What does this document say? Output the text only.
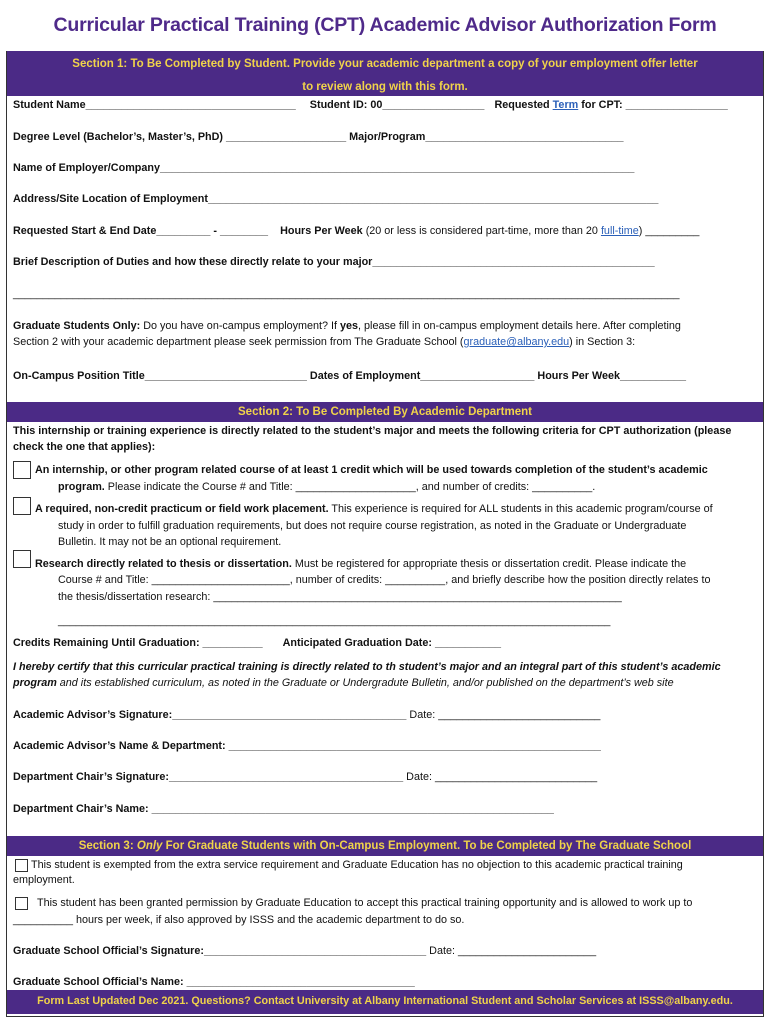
Curricular Practical Training (CPT) Academic Advisor Authorization Form
Section 1: To Be Completed by Student. Provide your academic department a copy of your employment offer letter
to review along with this form.
Student Name___________________________________ Student ID: 00_________________ Requested Term for CPT: _________________
Degree Level (Bachelor’s, Master’s, PhD) ____________________ Major/Program_________________________________
Name of Employer/Company_______________________________________________________________________________
Address/Site Location of Employment___________________________________________________________________________
Requested Start & End Date_________ - ________ Hours Per Week (20 or less is considered part-time, more than 20 full-time) _________
Brief Description of Duties and how these directly relate to your major_______________________________________________
_______________________________________________________________________________________________________________
Graduate Students Only: Do you have on-campus employment? If yes, please fill in on-campus employment details here. After completing
Section 2 with your academic department please seek permission from The Graduate School (graduate@albany.edu) in Section 3:
On-Campus Position Title___________________________ Dates of Employment___________________ Hours Per Week___________
Section 2: To Be Completed By Academic Department
This internship or training experience is directly related to the student’s major and meets the following criteria for CPT authorization (please
check the one that applies):
An internship, or other program related course of at least 1 credit which will be used towards completion of the student’s academic
program. Please indicate the Course # and Title: ____________________, and number of credits: __________.
A required, non-credit practicum or field work placement. This experience is required for ALL students in this academic program/course of
study in order to fulfill graduation requirements, but does not require course registration, as noted in the Graduate or Undergraduate
Bulletin. It may not be an optional requirement.
Research directly related to thesis or dissertation. Must be registered for appropriate thesis or dissertation credit. Please indicate the
Course # and Title: _______________________, number of credits: __________, and briefly describe how the position directly relates to
the thesis/dissertation research: ____________________________________________________________________
____________________________________________________________________________________________
Credits Remaining Until Graduation: __________ Anticipated Graduation Date: ___________
I hereby certify that this curricular practical training is directly related to th student’s major and an integral part of this student’s academic
program and its established curriculum, as noted in the Graduate or Undergradute Bulletin, and/or published on the department’s web site
Academic Advisor’s Signature:_______________________________________ Date: ___________________________
Academic Advisor’s Name & Department: ______________________________________________________________
Department Chair’s Signature:_______________________________________ Date: ___________________________
Department Chair’s Name: ___________________________________________________________________
Section 3: Only For Graduate Students with On-Campus Employment. To be Completed by The Graduate School
This student is exempted from the extra service requirement and Graduate Education has no objection to this academic practical training
employment.
This student has been granted permission by Graduate Education to accept this practical training opportunity and is allowed to work up to
__________ hours per week, if also approved by ISSS and the academic department to do so.
Graduate School Official’s Signature:_____________________________________ Date: _______________________
Graduate School Official’s Name: ______________________________________
Form Last Updated Dec 2021. Questions? Contact University at Albany International Student and Scholar Services at ISSS@albany.edu.
